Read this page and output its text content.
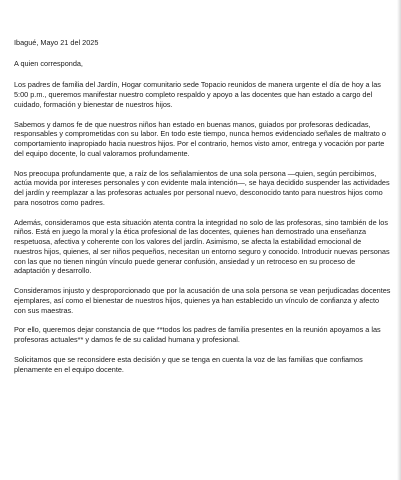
Ibagué, Mayo 21 del 2025

A quien corresponda,

Los padres de familia del Jardín, Hogar comunitario sede Topacio reunidos de manera urgente el día de hoy a las 5:00 p.m., queremos manifestar nuestro completo respaldo y apoyo a las docentes que han estado a cargo del cuidado, formación y bienestar de nuestros hijos.

Sabemos y damos fe de que nuestros niños han estado en buenas manos, guiados por profesoras dedicadas, responsables y comprometidas con su labor. En todo este tiempo, nunca hemos evidenciado señales de maltrato o comportamiento inapropiado hacia nuestros hijos. Por el contrario, hemos visto amor, entrega y vocación por parte del equipo docente, lo cual valoramos profundamente.

Nos preocupa profundamente que, a raíz de los señalamientos de una sola persona —quien, según percibimos, actúa movida por intereses personales y con evidente mala intención—, se haya decidido suspender las actividades del jardín y reemplazar a las profesoras actuales por personal nuevo, desconocido tanto para nuestros hijos como para nosotros como padres.

Además, consideramos que esta situación atenta contra la integridad no solo de las profesoras, sino también de los niños. Está en juego la moral y la ética profesional de las docentes, quienes han demostrado una enseñanza respetuosa, afectiva y coherente con los valores del jardín. Asimismo, se afecta la estabilidad emocional de nuestros hijos, quienes, al ser niños pequeños, necesitan un entorno seguro y conocido. Introducir nuevas personas con las que no tienen ningún vínculo puede generar confusión, ansiedad y un retroceso en su proceso de adaptación y desarrollo.

Consideramos injusto y desproporcionado que por la acusación de una sola persona se vean perjudicadas docentes ejemplares, así como el bienestar de nuestros hijos, quienes ya han establecido un vínculo de confianza y afecto con sus maestras.

Por ello, queremos dejar constancia de que **todos los padres de familia presentes en la reunión apoyamos a las profesoras actuales** y damos fe de su calidad humana y profesional.

Solicitamos que se reconsidere esta decisión y que se tenga en cuenta la voz de las familias que confiamos plenamente en el equipo docente.
